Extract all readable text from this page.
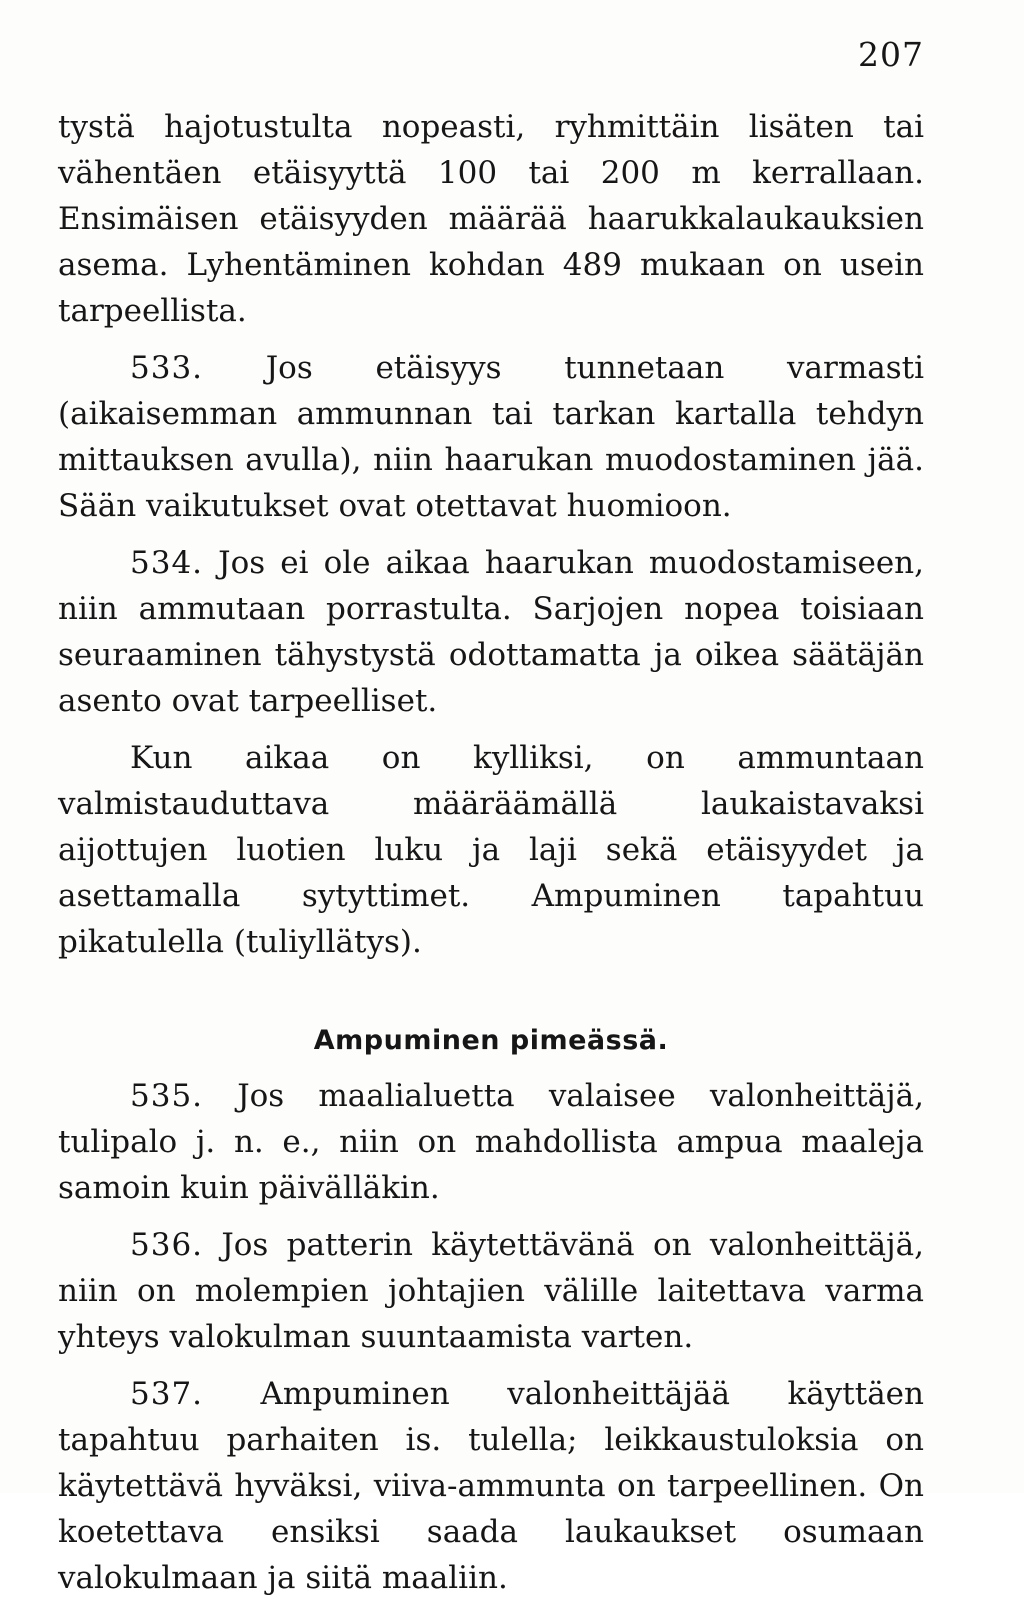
207

tystä hajotustulta nopeasti, ryhmittäin lisäten tai vähentäen etäisyyttä 100 tai 200 m kerrallaan. Ensimäisen etäisyyden määrää haarukkalaukauksien asema. Lyhentäminen kohdan 489 mukaan on usein tarpeellista.

533 . Jos etäisyys tunnetaan varmasti (aikaisemman ammunnan tai tarkan kartalla tehdyn mittauksen avulla), niin haarukan muodostaminen jää. Sään vaikutukset ovat otettavat huomioon.

534 . Jos ei ole aikaa haarukan muodostamiseen, niin ammutaan porrastulta. Sarjojen nopea toisiaan seuraaminen tähystystä odottamatta ja oikea säätäjän asento ovat tarpeelliset.

Kun aikaa on kylliksi, on ammuntaan valmistauduttava määräämällä laukaistavaksi aijottujen luotien luku ja laji sekä etäisyydet ja asettamalla sytyttimet. Ampuminen tapahtuu pikatulella (tuliyllätys).

Ampuminen pimeässä.

535 . Jos maalialuetta valaisee valonheittäjä, tulipalo j. n. e., niin on mahdollista ampua maaleja samoin kuin päivälläkin.

536 . Jos patterin käytettävänä on valonheittäjä, niin on molempien johtajien välille laitettava varma yhteys valokulman suuntaamista varten.

537 . Ampuminen valonheittäjää käyttäen tapahtuu parhaiten is. tulella; leikkaustuloksia on käytettävä hyväksi, viiva-ammunta on tarpeellinen. On koetettava ensiksi saada laukaukset osumaan valokulmaan ja siitä maaliin.
